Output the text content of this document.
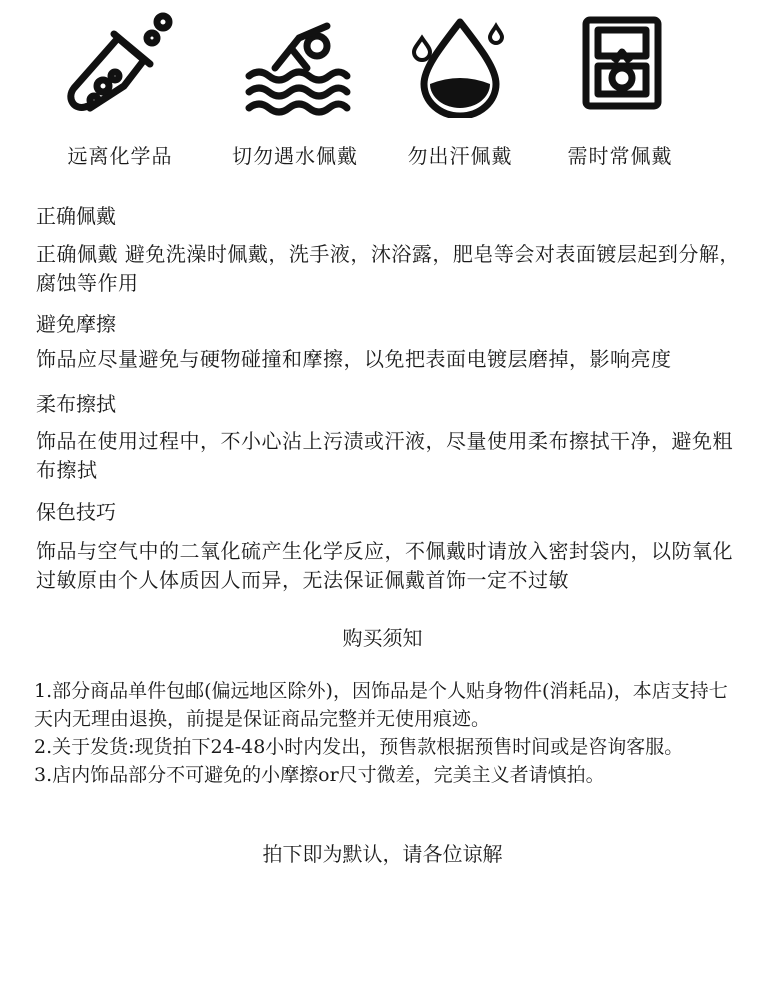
远离化学品	切勿遇水佩戴	勿出汗佩戴	需时常佩戴
正确佩戴
正确佩戴 避免洗澡时佩戴，洗手液，沐浴露，肥皂等会对表面镀层起到分解，腐蚀等作用
避免摩擦
饰品应尽量避免与硬物碰撞和摩擦，以免把表面电镀层磨掉，影响亮度
柔布擦拭
饰品在使用过程中，不小心沾上污渍或汗液，尽量使用柔布擦拭干净，避免粗布擦拭
保色技巧
饰品与空气中的二氧化硫产生化学反应，不佩戴时请放入密封袋内，以防氧化过敏原由个人体质因人而异，无法保证佩戴首饰一定不过敏
购买须知
1.部分商品单件包邮(偏远地区除外)，因饰品是个人贴身物件(消耗品)，本店支持七天内无理由退换，前提是保证商品完整并无使用痕迹。
2.关于发货:现货拍下24-48小时内发出，预售款根据预售时间或是咨询客服。
3.店内饰品部分不可避免的小摩擦or尺寸微差，完美主义者请慎拍。
拍下即为默认，请各位谅解
